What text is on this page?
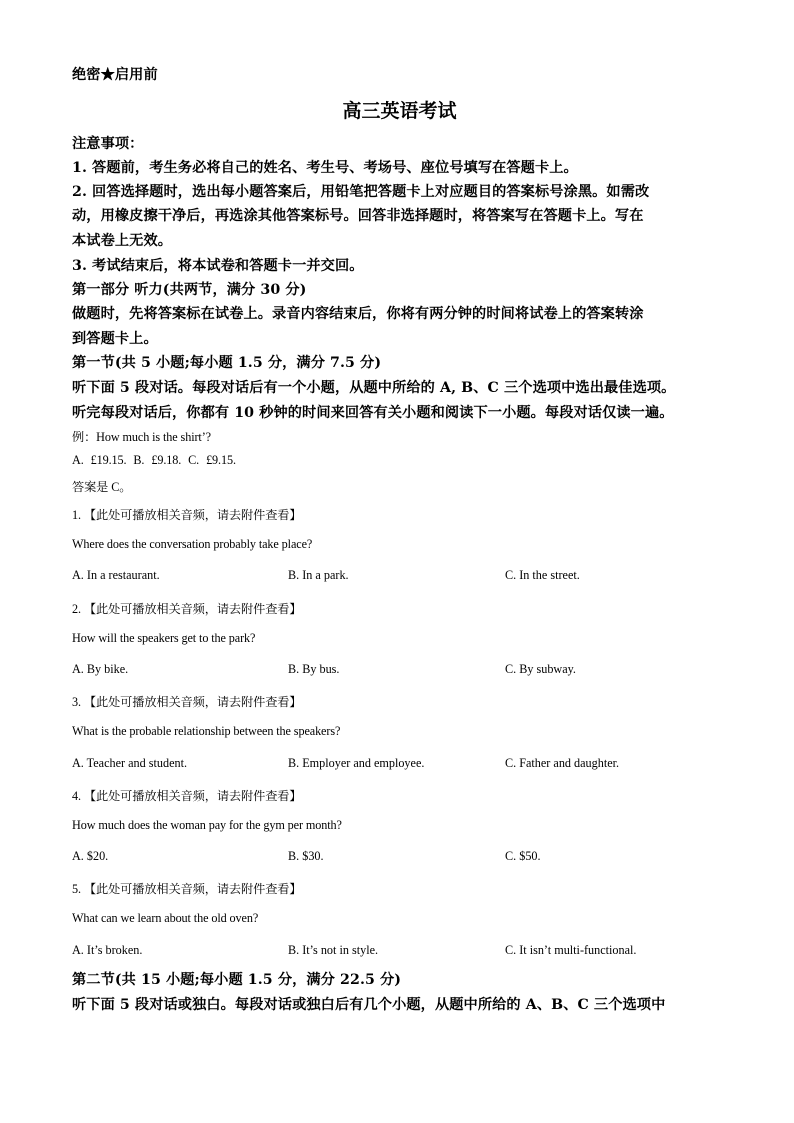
绝密★启用前
高三英语考试
注意事项：
1. 答题前，考生务必将自己的姓名、考生号、考场号、座位号填写在答题卡上。
2. 回答选择题时，选出每小题答案后，用铅笔把答题卡上对应题目的答案标号涂黑。如需改
动，用橡皮擦干净后，再选涂其他答案标号。回答非选择题时，将答案写在答题卡上。写在
本试卷上无效。
3. 考试结束后，将本试卷和答题卡一并交回。
第一部分 听力(共两节，满分 30 分)
做题时，先将答案标在试卷上。录音内容结束后，你将有两分钟的时间将试卷上的答案转涂
到答题卡上。
第一节(共 5 小题;每小题 1.5 分，满分 7.5 分)
听下面 5 段对话。每段对话后有一个小题，从题中所给的 A, B、C 三个选项中选出最佳选项。
听完每段对话后，你都有 10 秒钟的时间来回答有关小题和阅读下一小题。每段对话仅读一遍。
例：How much is the shirt’?
A. £19.15. B. £9.18. C. £9.15.
答案是 C。
1. 【此处可播放相关音频，请去附件查看】
Where does the conversation probably take place?
A. In a restaurant.	B. In a park.	C. In the street.
2. 【此处可播放相关音频，请去附件查看】
How will the speakers get to the park?
A. By bike.	B. By bus.	C. By subway.
3. 【此处可播放相关音频，请去附件查看】
What is the probable relationship between the speakers?
A. Teacher and student.	B. Employer and employee.	C. Father and daughter.
4. 【此处可播放相关音频，请去附件查看】
How much does the woman pay for the gym per month?
A. $20.	B. $30.	C. $50.
5. 【此处可播放相关音频，请去附件查看】
What can we learn about the old oven?
A. It’s broken.	B. It’s not in style.	C. It isn’t multi-functional.
第二节(共 15 小题;每小题 1.5 分，满分 22.5 分)
听下面 5 段对话或独白。每段对话或独白后有几个小题，从题中所给的 A、B、C 三个选项中
